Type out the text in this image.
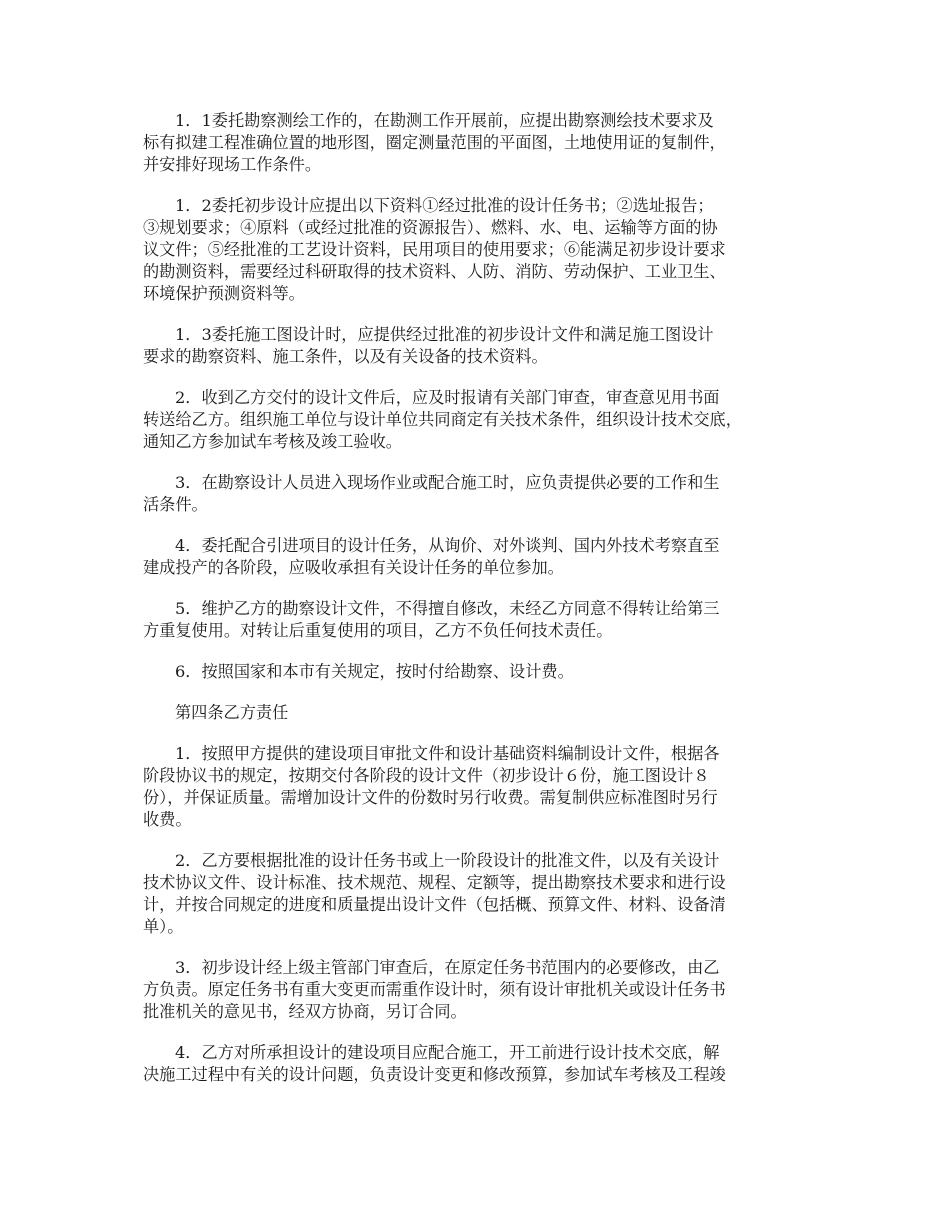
1．1委托勘察测绘工作的，在勘测工作开展前，应提出勘察测绘技术要求及
标有拟建工程准确位置的地形图，圈定测量范围的平面图，土地使用证的复制件，
并安排好现场工作条件。
1．2委托初步设计应提出以下资料①经过批准的设计任务书；②选址报告；
③规划要求；④原料（或经过批准的资源报告）、燃料、水、电、运输等方面的协
议文件；⑤经批准的工艺设计资料，民用项目的使用要求；⑥能满足初步设计要求
的勘测资料，需要经过科研取得的技术资料、人防、消防、劳动保护、工业卫生、
环境保护预测资料等。
1．3委托施工图设计时，应提供经过批准的初步设计文件和满足施工图设计
要求的勘察资料、施工条件，以及有关设备的技术资料。
2．收到乙方交付的设计文件后，应及时报请有关部门审查，审查意见用书面
转送给乙方。组织施工单位与设计单位共同商定有关技术条件，组织设计技术交底，
通知乙方参加试车考核及竣工验收。
3．在勘察设计人员进入现场作业或配合施工时，应负责提供必要的工作和生
活条件。
4．委托配合引进项目的设计任务，从询价、对外谈判、国内外技术考察直至
建成投产的各阶段，应吸收承担有关设计任务的单位参加。
5．维护乙方的勘察设计文件，不得擅自修改，未经乙方同意不得转让给第三
方重复使用。对转让后重复使用的项目，乙方不负任何技术责任。
6．按照国家和本市有关规定，按时付给勘察、设计费。
第四条乙方责任
1．按照甲方提供的建设项目审批文件和设计基础资料编制设计文件，根据各
阶段协议书的规定，按期交付各阶段的设计文件（初步设计６份，施工图设计８
份），并保证质量。需增加设计文件的份数时另行收费。需复制供应标准图时另行
收费。
2．乙方要根据批准的设计任务书或上一阶段设计的批准文件，以及有关设计
技术协议文件、设计标准、技术规范、规程、定额等，提出勘察技术要求和进行设
计，并按合同规定的进度和质量提出设计文件（包括概、预算文件、材料、设备清
单）。
3．初步设计经上级主管部门审查后，在原定任务书范围内的必要修改，由乙
方负责。原定任务书有重大变更而需重作设计时，须有设计审批机关或设计任务书
批准机关的意见书，经双方协商，另订合同。
4．乙方对所承担设计的建设项目应配合施工，开工前进行设计技术交底，解
决施工过程中有关的设计问题，负责设计变更和修改预算，参加试车考核及工程竣
